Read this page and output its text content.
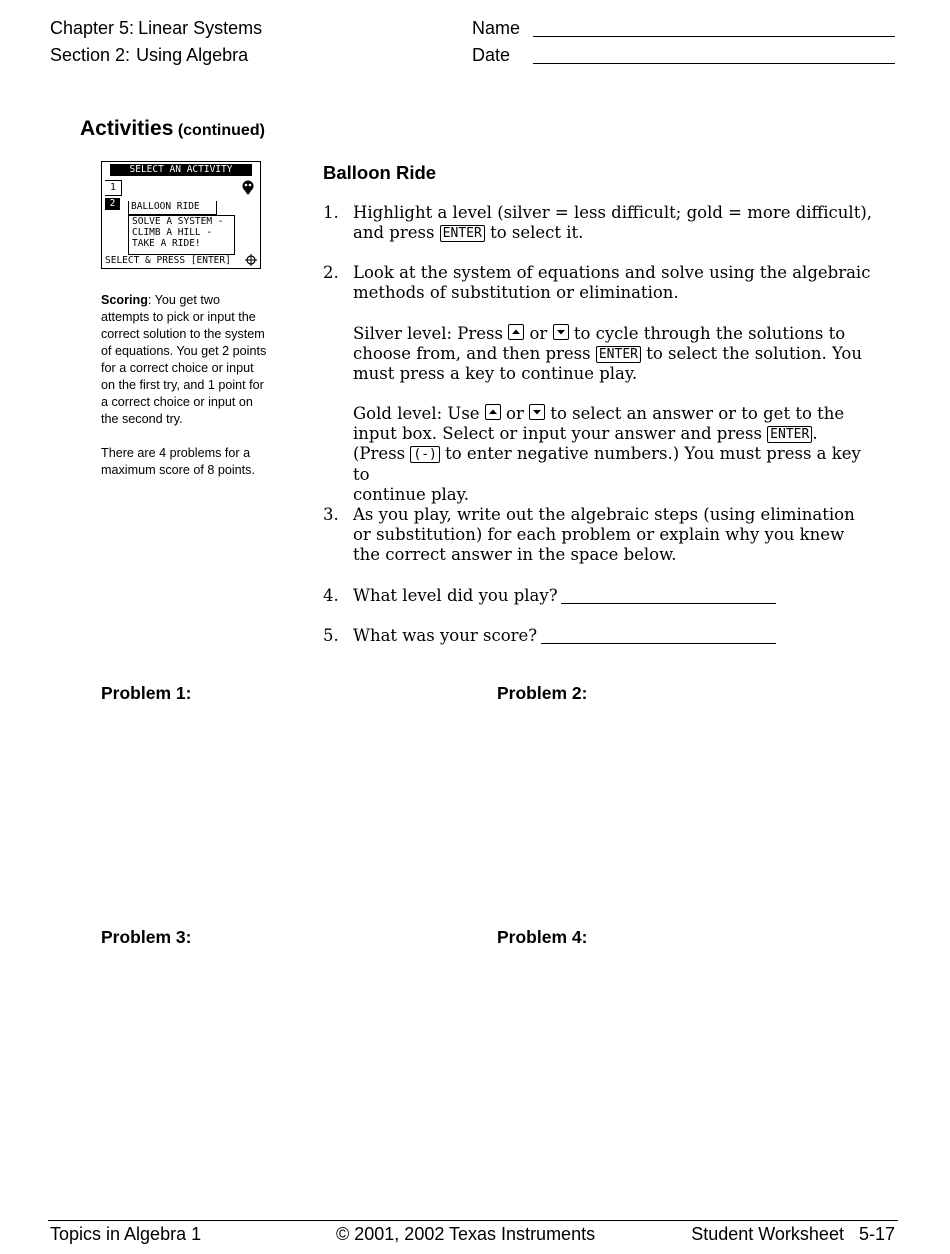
Chapter 5: Linear Systems
Section 2: Using Algebra
Name
Date
Activities (continued)
SELECT AN ACTIVITY
1
2	BALLOON RIDE
SOLVE A SYSTEM -
CLIMB A HILL -
TAKE A RIDE!
SELECT & PRESS [ENTER]
Scoring: You get two
attempts to pick or input the
correct solution to the system
of equations. You get 2 points
for a correct choice or input
on the first try, and 1 point for
a correct choice or input on
the second try.
There are 4 problems for a
maximum score of 8 points.
Balloon Ride
1. Highlight a level (silver = less difficult; gold = more difficult),
and press ENTER to select it.
2. Look at the system of equations and solve using the algebraic
methods of substitution or elimination.
Silver level: Press or to cycle through the solutions to
choose from, and then press ENTER to select the solution. You
must press a key to continue play.
Gold level: Use or to select an answer or to get to the
input box. Select or input your answer and press ENTER .
(Press (-) to enter negative numbers.) You must press a key to
continue play.
3. As you play, write out the algebraic steps (using elimination
or substitution) for each problem or explain why you knew
the correct answer in the space below.
4. What level did you play?
5. What was your score?
Problem 1:	Problem 2:
Problem 3:	Problem 4:
Topics in Algebra 1	© 2001, 2002 Texas Instruments	Student Worksheet   5-17
